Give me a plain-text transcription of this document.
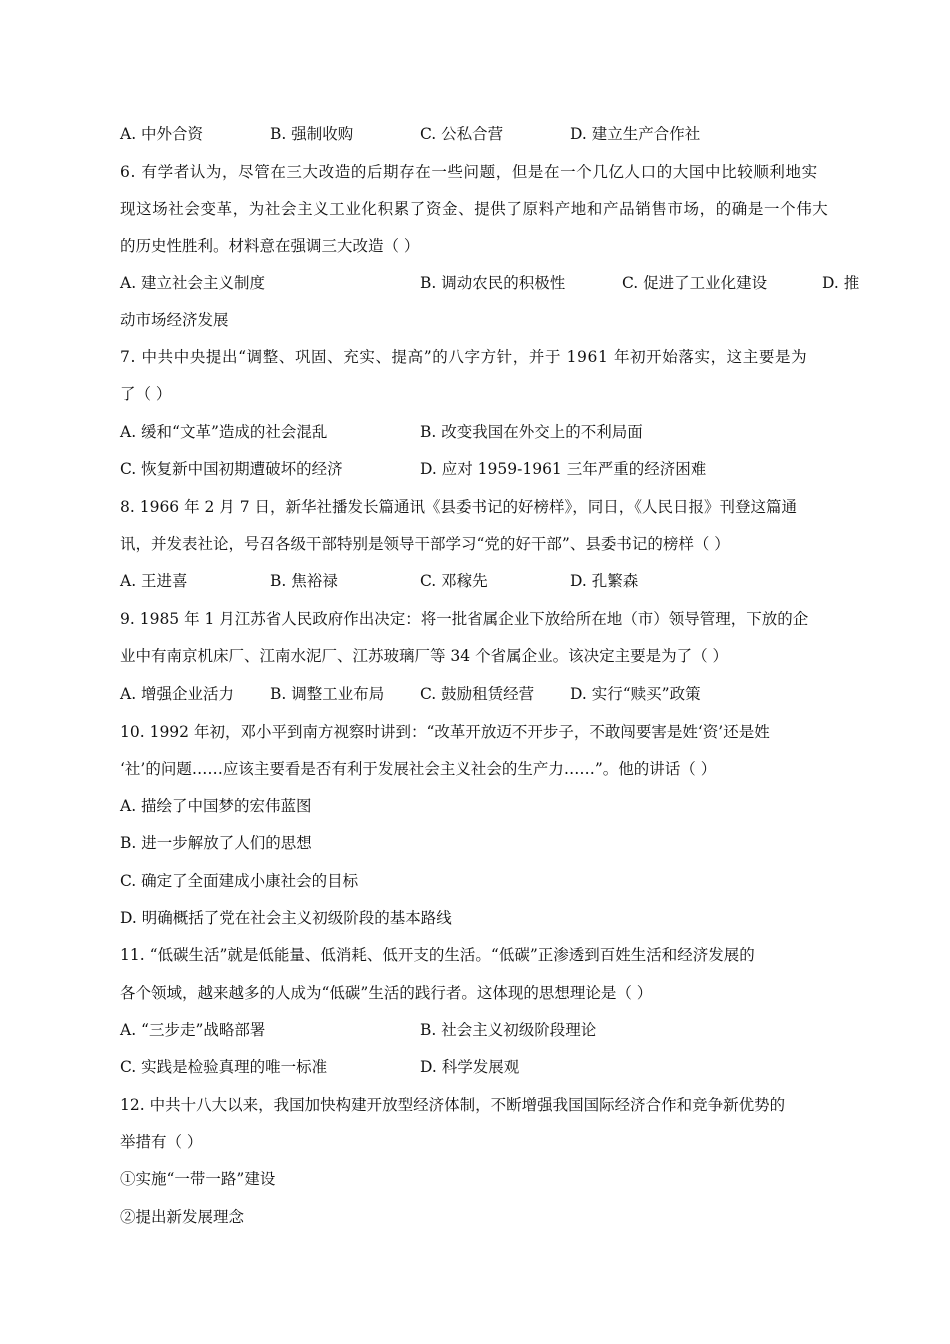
A. 中外合资	B. 强制收购	C. 公私合营	D. 建立生产合作社
6. 有学者认为，尽管在三大改造的后期存在一些问题，但是在一个几亿人口的大国中比较顺利地实
现这场社会变革，为社会主义工业化积累了资金、提供了原料产地和产品销售市场，的确是一个伟大
的历史性胜利。材料意在强调三大改造（ ）
A. 建立社会主义制度	B. 调动农民的积极性	C. 促进了工业化建设	D. 推
动市场经济发展
7. 中共中央提出“调整、巩固、充实、提高”的八字方针，并于 1961 年初开始落实，这主要是为
了（ ）
A. 缓和“文革”造成的社会混乱	B. 改变我国在外交上的不利局面
C. 恢复新中国初期遭破坏的经济	D. 应对 1959-1961 三年严重的经济困难
8. 1966 年 2 月 7 日，新华社播发长篇通讯《县委书记的好榜样》，同日，《人民日报》刊登这篇通
讯，并发表社论，号召各级干部特别是领导干部学习“党的好干部”、县委书记的榜样（ ）
A. 王进喜	B. 焦裕禄	C. 邓稼先	D. 孔繁森
9. 1985 年 1 月江苏省人民政府作出决定：将一批省属企业下放给所在地（市）领导管理，下放的企
业中有南京机床厂、江南水泥厂、江苏玻璃厂等 34 个省属企业。该决定主要是为了（ ）
A. 增强企业活力 B. 调整工业布局 C. 鼓励租赁经营 D. 实行“赎买”政策
10. 1992 年初，邓小平到南方视察时讲到：“改革开放迈不开步子，不敢闯要害是姓‘资’还是姓
‘社’的问题……应该主要看是否有利于发展社会主义社会的生产力……”。他的讲话（ ）
A. 描绘了中国梦的宏伟蓝图
B. 进一步解放了人们的思想
C. 确定了全面建成小康社会的目标
D. 明确概括了党在社会主义初级阶段的基本路线
11. “低碳生活”就是低能量、低消耗、低开支的生活。“低碳”正渗透到百姓生活和经济发展的
各个领域，越来越多的人成为“低碳”生活的践行者。这体现的思想理论是（ ）
A. “三步走”战略部署	B. 社会主义初级阶段理论
C. 实践是检验真理的唯一标准	D. 科学发展观
12. 中共十八大以来，我国加快构建开放型经济体制，不断增强我国国际经济合作和竞争新优势的
举措有（ ）
①实施“一带一路”建设
②提出新发展理念
